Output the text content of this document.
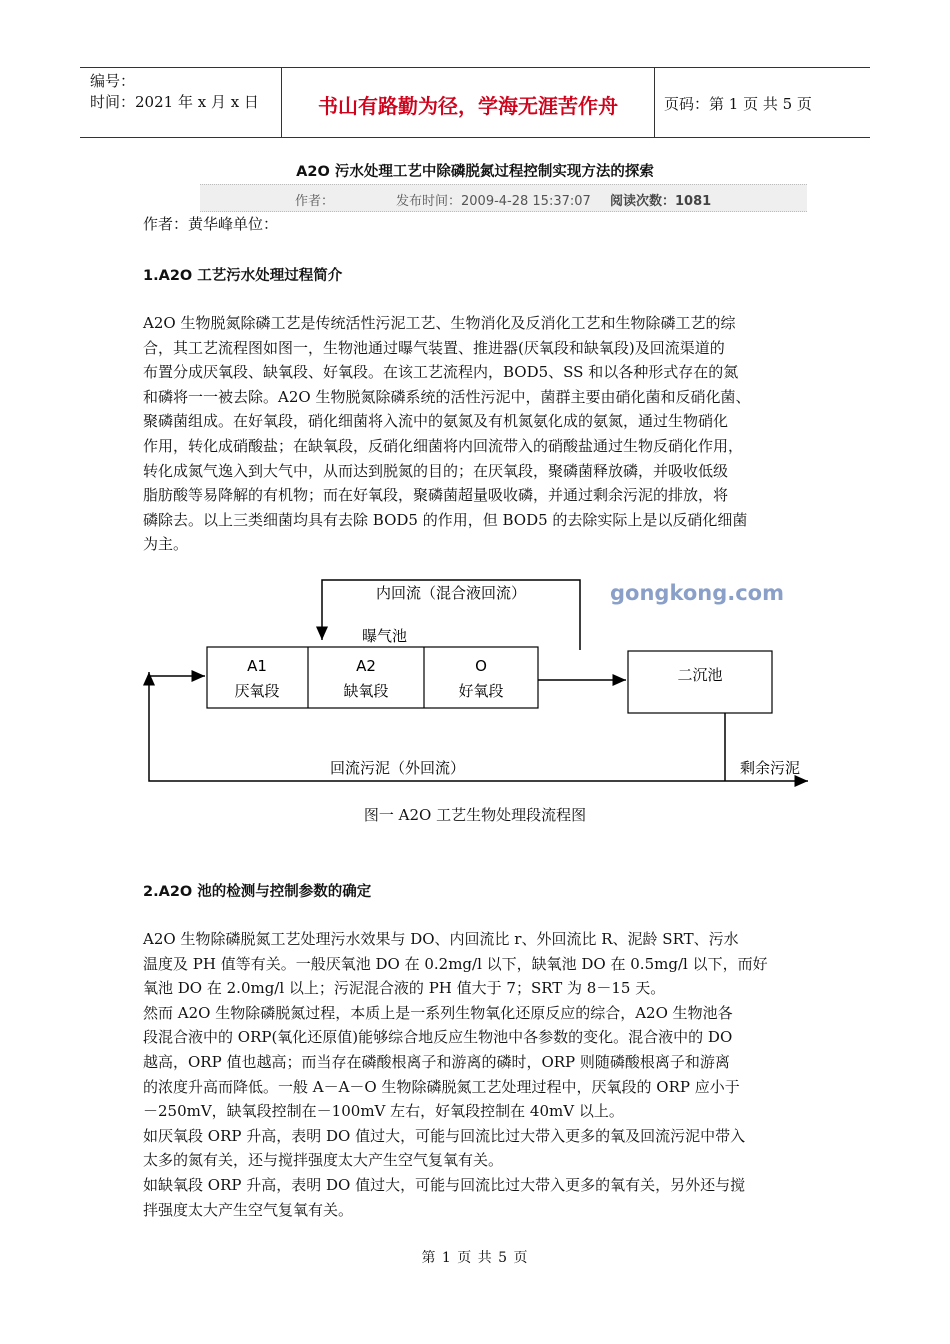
编号：
时间：2021 年 x 月 x 日	书山有路勤为径，学海无涯苦作舟	页码：第 1 页 共 5 页
A2O 污水处理工艺中除磷脱氮过程控制实现方法的探索
作者：	发布时间：2009-4-28 15:37:07 阅读次数：1081
作者：黄华峰单位：
1.A2O 工艺污水处理过程简介
A2O 生物脱氮除磷工艺是传统活性污泥工艺、生物消化及反消化工艺和生物除磷工艺的综
合，其工艺流程图如图一，生物池通过曝气装置、推进器(厌氧段和缺氧段)及回流渠道的
布置分成厌氧段、缺氧段、好氧段。在该工艺流程内，BOD5、SS 和以各种形式存在的氮
和磷将一一被去除。A2O 生物脱氮除磷系统的活性污泥中，菌群主要由硝化菌和反硝化菌、
聚磷菌组成。在好氧段，硝化细菌将入流中的氨氮及有机氮氨化成的氨氮，通过生物硝化
作用，转化成硝酸盐；在缺氧段，反硝化细菌将内回流带入的硝酸盐通过生物反硝化作用，
转化成氮气逸入到大气中，从而达到脱氮的目的；在厌氧段，聚磷菌释放磷，并吸收低级
脂肪酸等易降解的有机物；而在好氧段，聚磷菌超量吸收磷，并通过剩余污泥的排放，将
磷除去。以上三类细菌均具有去除 BOD5 的作用，但 BOD5 的去除实际上是以反硝化细菌
为主。
内回流（混合液回流）	gongkong.com
曝气池
A1
厌氧段
A2
缺氧段
O
好氧段
二沉池
回流污泥（外回流）	剩余污泥
图一 A2O 工艺生物处理段流程图
2.A2O 池的检测与控制参数的确定
A2O 生物除磷脱氮工艺处理污水效果与 DO、内回流比 r、外回流比 R、泥龄 SRT、污水
温度及 PH 值等有关。一般厌氧池 DO 在 0.2mg/l 以下，缺氧池 DO 在 0.5mg/l 以下，而好
氧池 DO 在 2.0mg/l 以上；污泥混合液的 PH 值大于 7；SRT 为 8－15 天。
然而 A2O 生物除磷脱氮过程，本质上是一系列生物氧化还原反应的综合，A2O 生物池各
段混合液中的 ORP(氧化还原值)能够综合地反应生物池中各参数的变化。混合液中的 DO
越高，ORP 值也越高；而当存在磷酸根离子和游离的磷时，ORP 则随磷酸根离子和游离
的浓度升高而降低。一般 A－A－O 生物除磷脱氮工艺处理过程中，厌氧段的 ORP 应小于
－250mV，缺氧段控制在－100mV 左右，好氧段控制在 40mV 以上。
如厌氧段 ORP 升高，表明 DO 值过大，可能与回流比过大带入更多的氧及回流污泥中带入
太多的氮有关，还与搅拌强度太大产生空气复氧有关。
如缺氧段 ORP 升高，表明 DO 值过大，可能与回流比过大带入更多的氧有关，另外还与搅
拌强度太大产生空气复氧有关。
第 1 页 共 5 页
